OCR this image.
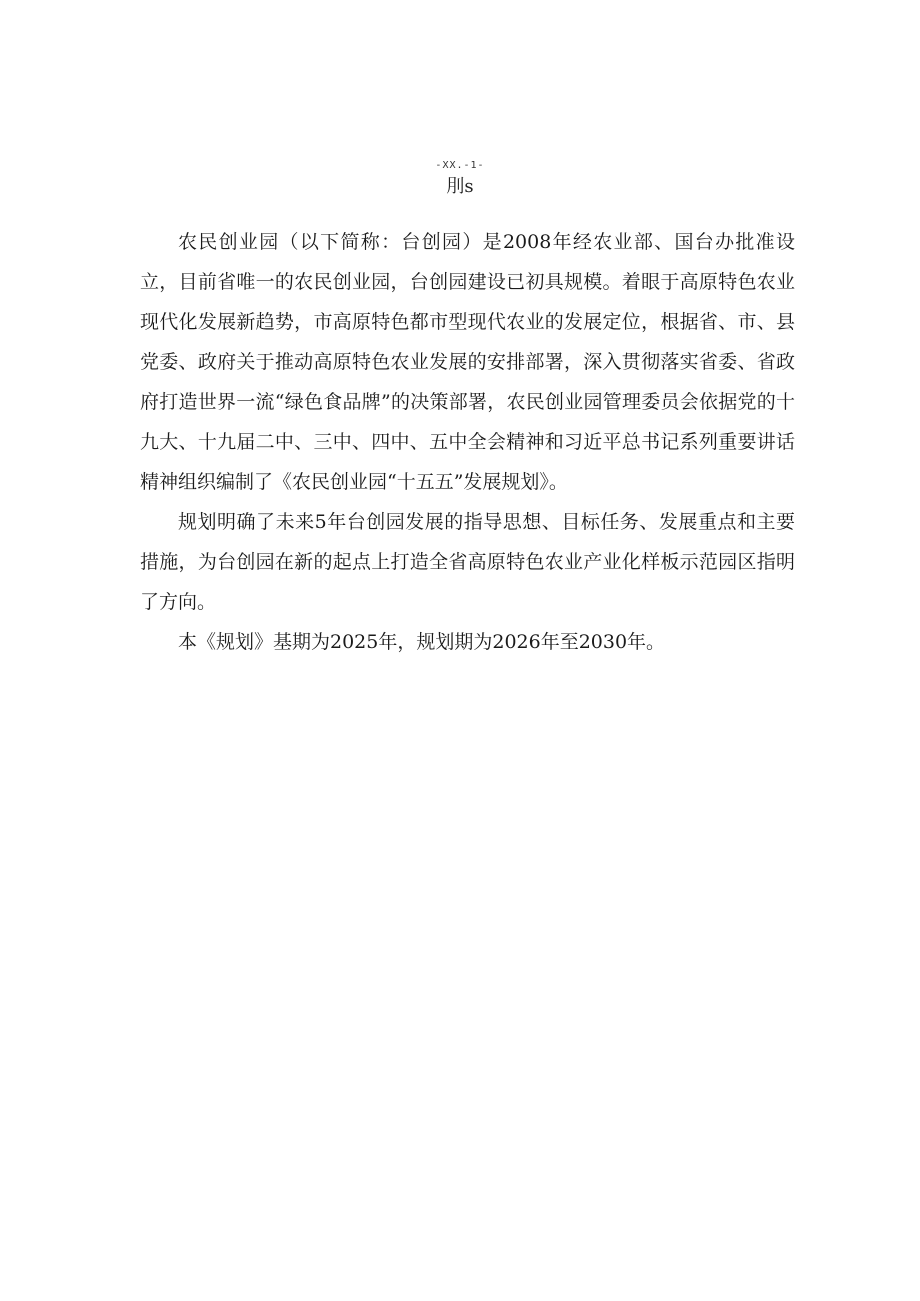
-XX.-1-
刖s

农民创业园（以下简称：台创园）是2008年经农业部、国台办批准设立，目前省唯一的农民创业园，台创园建设已初具规模。着眼于高原特色农业现代化发展新趋势，市高原特色都市型现代农业的发展定位，根据省、市、县党委、政府关于推动高原特色农业发展的安排部署，深入贯彻落实省委、省政府打造世界一流“绿色食品牌”的决策部署，农民创业园管理委员会依据党的十九大、十九届二中、三中、四中、五中全会精神和习近平总书记系列重要讲话精神组织编制了《农民创业园“十五五”发展规划》。

规划明确了未来5年台创园发展的指导思想、目标任务、发展重点和主要措施，为台创园在新的起点上打造全省高原特色农业产业化样板示范园区指明了方向。

本《规划》基期为2025年，规划期为2026年至2030年。
